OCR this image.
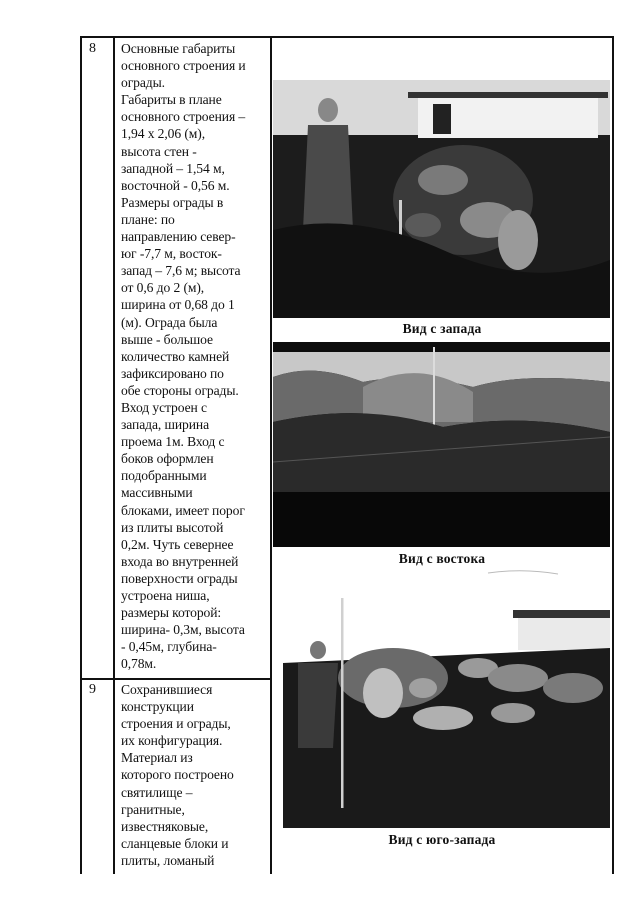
8 Основные габариты
основного строения и
ограды.
Габариты в плане
основного строения –
1,94 х 2,06 (м),
высота стен -
западной – 1,54 м,
восточной - 0,56 м.
Размеры ограды в
плане: по
направлению север-
юг -7,7 м, восток-
запад – 7,6 м; высота
от 0,6 до 2 (м),
ширина от 0,68 до 1
(м). Ограда была
выше - большое
количество камней
зафиксировано по
обе стороны ограды.
Вход устроен с
запада, ширина
проема 1м. Вход с
боков оформлен
подобранными
массивными
блоками, имеет порог
из плиты высотой
0,2м. Чуть севернее
входа во внутренней
поверхности ограды
устроена ниша,
размеры которой:
ширина- 0,3м, высота
- 0,45м, глубина-
0,78м.
9 Сохранившиеся
конструкции
строения и ограды,
их конфигурация.
Материал из
которого построено
святилище –
гранитные,
известняковые,
сланцевые блоки и
плиты, ломаный
Вид с запада
Вид с востока
Вид с юго-запада
